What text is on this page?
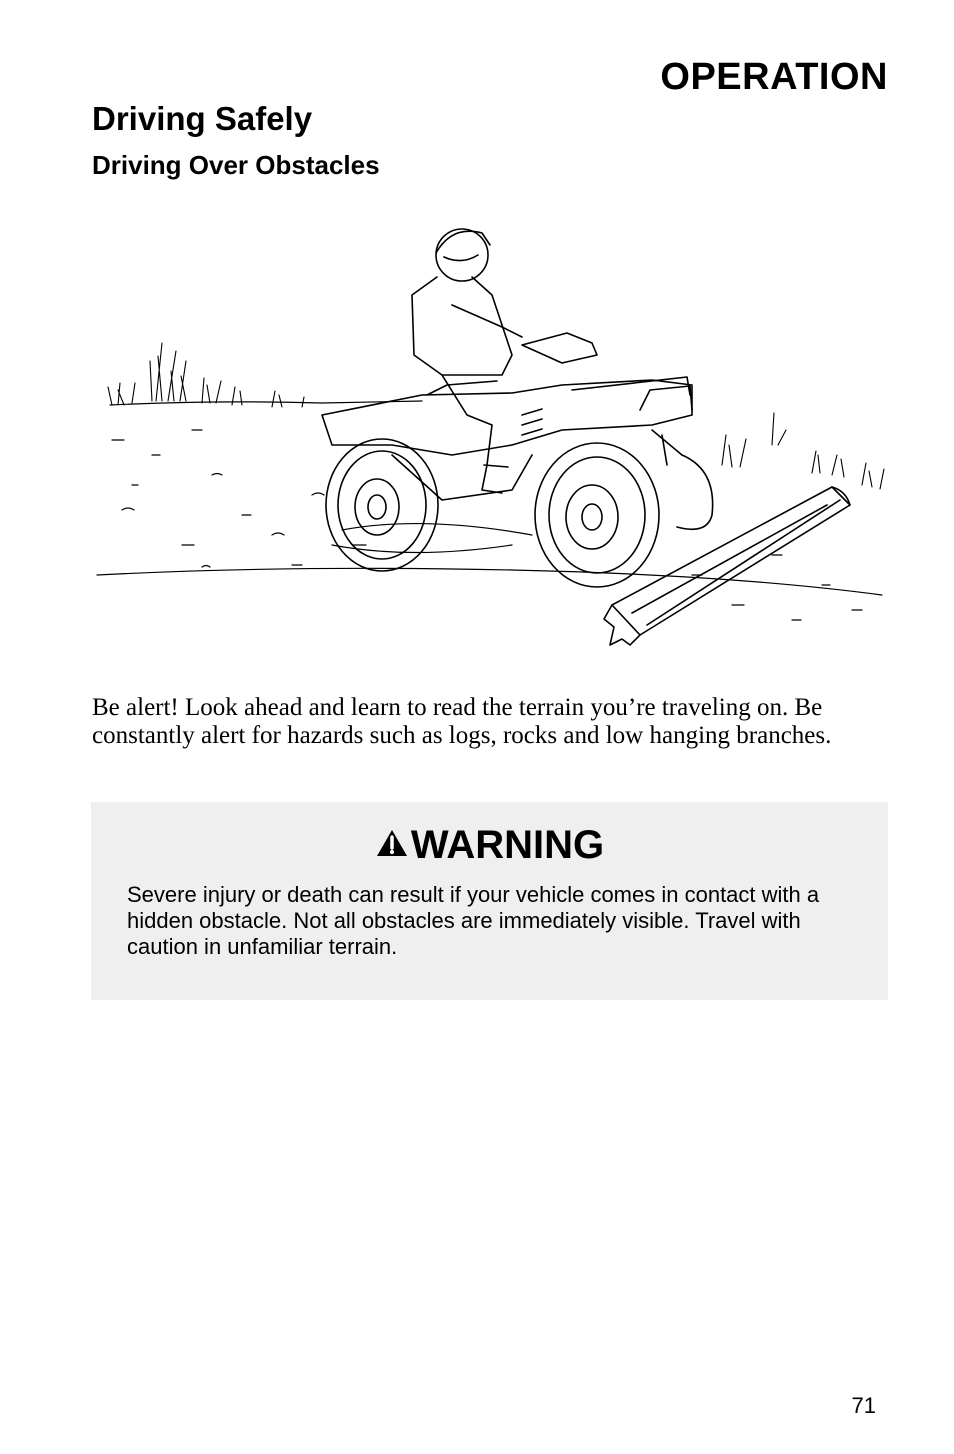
OPERATION
Driving Safely
Driving Over Obstacles

Be alert! Look ahead and learn to read the terrain you’re traveling on. Be constantly alert for hazards such as logs, rocks and low hanging branches.

WARNING

Severe injury or death can result if your vehicle comes in contact with a hidden obstacle. Not all obstacles are immediately visible. Travel with caution in unfamiliar terrain.

71
